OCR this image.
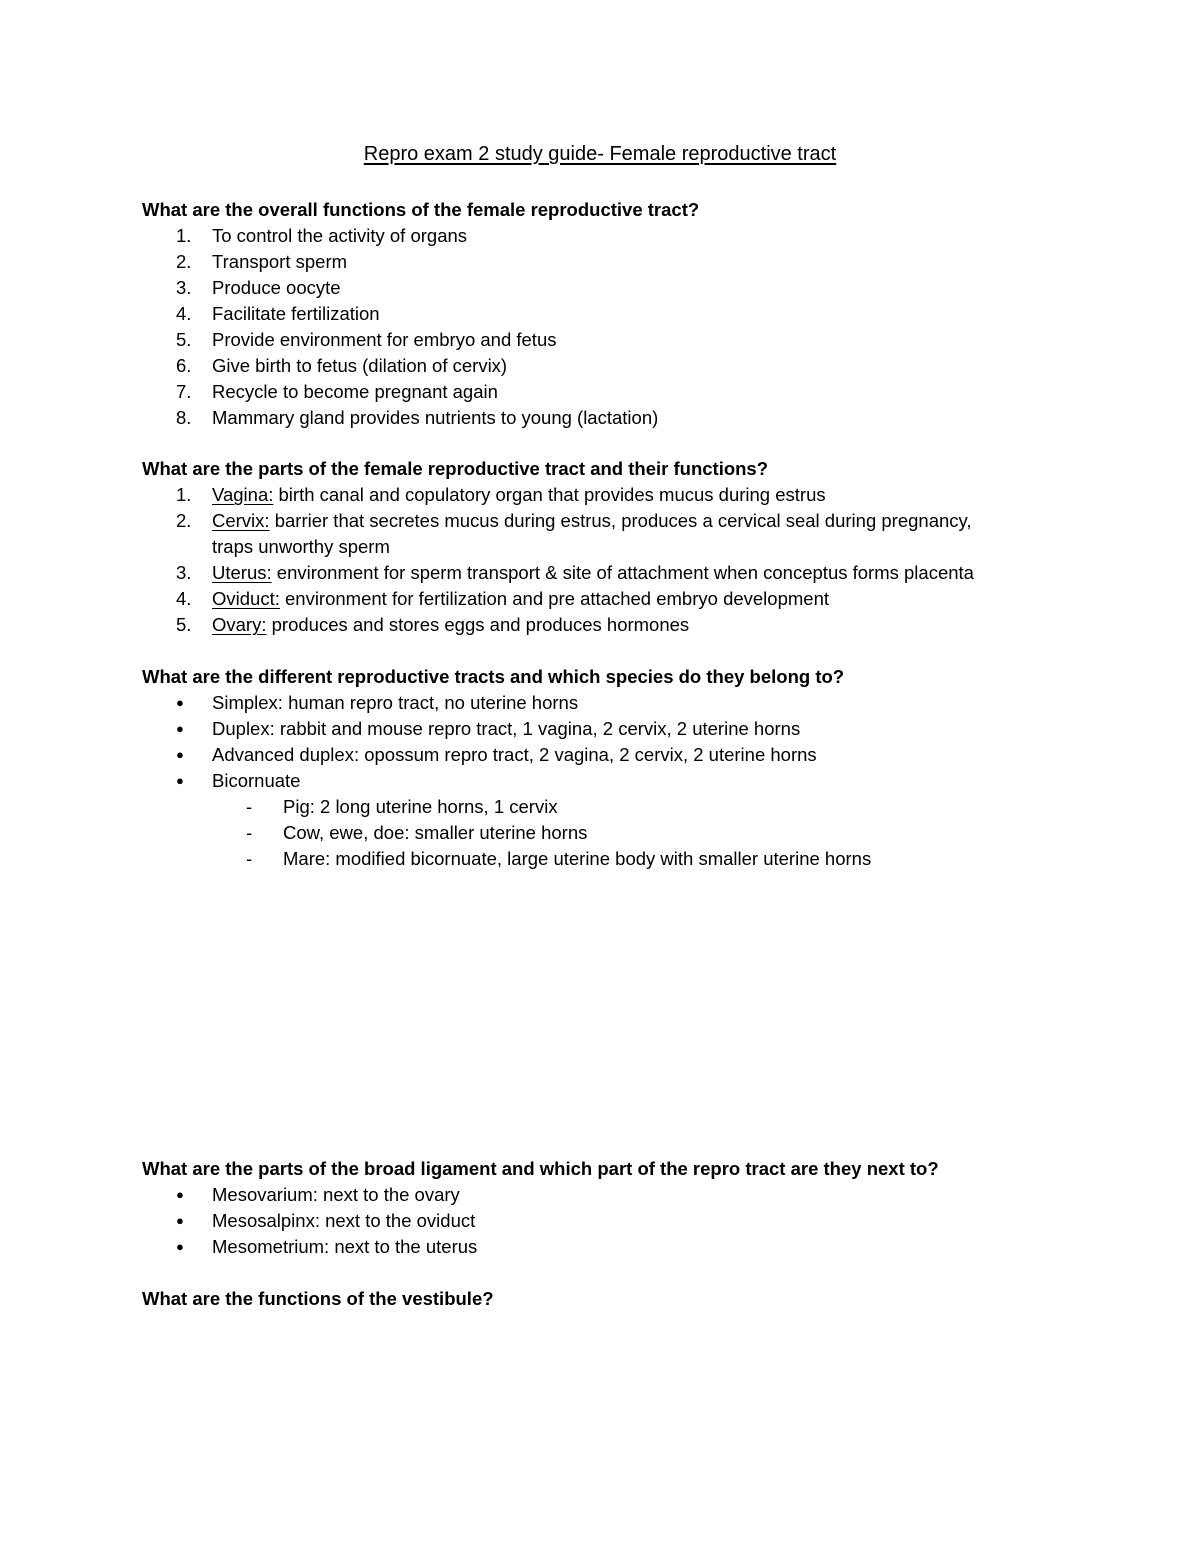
Repro exam 2 study guide- Female reproductive tract
What are the overall functions of the female reproductive tract?
1.	To control the activity of organs
2.	Transport sperm
3.	Produce oocyte
4.	Facilitate fertilization
5.	Provide environment for embryo and fetus
6.	Give birth to fetus (dilation of cervix)
7.	Recycle to become pregnant again
8.	Mammary gland provides nutrients to young (lactation)
What are the parts of the female reproductive tract and their functions?
1.	Vagina: birth canal and copulatory organ that provides mucus during estrus
2.	Cervix: barrier that secretes mucus during estrus, produces a cervical seal during pregnancy,
traps unworthy sperm
3.	Uterus: environment for sperm transport & site of attachment when conceptus forms placenta
4.	Oviduct: environment for fertilization and pre attached embryo development
5.	Ovary: produces and stores eggs and produces hormones
What are the different reproductive tracts and which species do they belong to?
● Simplex: human repro tract, no uterine horns
● Duplex: rabbit and mouse repro tract, 1 vagina, 2 cervix, 2 uterine horns
● Advanced duplex: opossum repro tract, 2 vagina, 2 cervix, 2 uterine horns
● Bicornuate
- Pig: 2 long uterine horns, 1 cervix
- Cow, ewe, doe: smaller uterine horns
- Mare: modified bicornuate, large uterine body with smaller uterine horns
What are the parts of the broad ligament and which part of the repro tract are they next to?
● Mesovarium: next to the ovary
● Mesosalpinx: next to the oviduct
● Mesometrium: next to the uterus
What are the functions of the vestibule?
